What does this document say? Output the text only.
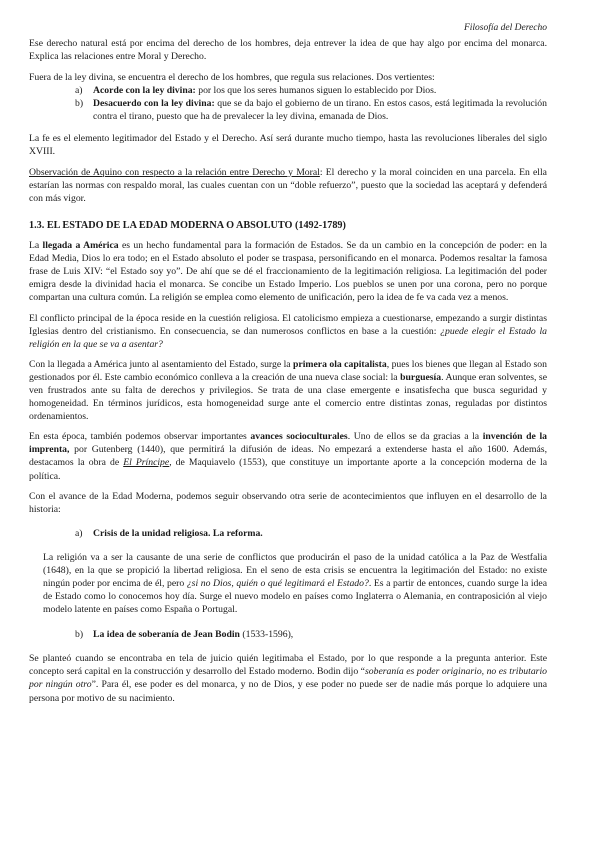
Filosofía del Derecho

Ese derecho natural está por encima del derecho de los hombres, deja entrever la idea de que hay algo por encima del monarca. Explica las relaciones entre Moral y Derecho.

Fuera de la ley divina, se encuentra el derecho de los hombres, que regula sus relaciones. Dos vertientes:

a)	Acorde con la ley divina: por los que los seres humanos siguen lo establecido por Dios.
b)	Desacuerdo con la ley divina: que se da bajo el gobierno de un tirano. En estos casos, está legitimada la revolución contra el tirano, puesto que ha de prevalecer la ley divina, emanada de Dios.

La fe es el elemento legitimador del Estado y el Derecho. Así será durante mucho tiempo, hasta las revoluciones liberales del siglo XVIII.

Observación de Aquino con respecto a la relación entre Derecho y Moral: El derecho y la moral coinciden en una parcela. En ella estarían las normas con respaldo moral, las cuales cuentan con un “doble refuerzo”, puesto que la sociedad las aceptará y defenderá con más vigor.

1.3. EL ESTADO DE LA EDAD MODERNA O ABSOLUTO (1492-1789)

La llegada a América es un hecho fundamental para la formación de Estados. Se da un cambio en la concepción de poder: en la Edad Media, Dios lo era todo; en el Estado absoluto el poder se traspasa, personificando en el monarca. Podemos resaltar la famosa frase de Luis XIV: “el Estado soy yo”. De ahí que se dé el fraccionamiento de la legitimación religiosa. La legitimación del poder emigra desde la divinidad hacia el monarca. Se concibe un Estado Imperio. Los pueblos se unen por una corona, pero no porque compartan una cultura común. La religión se emplea como elemento de unificación, pero la idea de fe va cada vez a menos.

El conflicto principal de la época reside en la cuestión religiosa. El catolicismo empieza a cuestionarse, empezando a surgir distintas Iglesias dentro del cristianismo. En consecuencia, se dan numerosos conflictos en base a la cuestión: ¿puede elegir el Estado la religión en la que se va a asentar?

Con la llegada a América junto al asentamiento del Estado, surge la primera ola capitalista, pues los bienes que llegan al Estado son gestionados por él. Este cambio económico conlleva a la creación de una nueva clase social: la burguesía. Aunque eran solventes, se ven frustrados ante su falta de derechos y privilegios. Se trata de una clase emergente e insatisfecha que busca seguridad y homogeneidad. En términos jurídicos, esta homogeneidad surge ante el comercio entre distintas zonas, reguladas por distintos ordenamientos.

En esta época, también podemos observar importantes avances socioculturales. Uno de ellos se da gracias a la invención de la imprenta, por Gutenberg (1440), que permitirá la difusión de ideas. No empezará a extenderse hasta el año 1600. Además, destacamos la obra de El Príncipe, de Maquiavelo (1553), que constituye un importante aporte a la concepción moderna de la política.

Con el avance de la Edad Moderna, podemos seguir observando otra serie de acontecimientos que influyen en el desarrollo de la historia:

a)	Crisis de la unidad religiosa. La reforma.

La religión va a ser la causante de una serie de conflictos que producirán el paso de la unidad católica a la Paz de Westfalia (1648), en la que se propició la libertad religiosa. En el seno de esta crisis se encuentra la legitimación del Estado: no existe ningún poder por encima de él, pero ¿si no Dios, quién o qué legitimará el Estado?. Es a partir de entonces, cuando surge la idea de Estado como lo conocemos hoy día. Surge el nuevo modelo en países como Inglaterra o Alemania, en contraposición al viejo modelo latente en países como España o Portugal.

b)	La idea de soberanía de Jean Bodin (1533-1596),

Se planteó cuando se encontraba en tela de juicio quién legitimaba el Estado, por lo que responde a la pregunta anterior. Este concepto será capital en la construcción y desarrollo del Estado moderno. Bodin dijo “soberanía es poder originario, no es tributario por ningún otro”. Para él, ese poder es del monarca, y no de Dios, y ese poder no puede ser de nadie más porque lo adquiere una persona por motivo de su nacimiento.
